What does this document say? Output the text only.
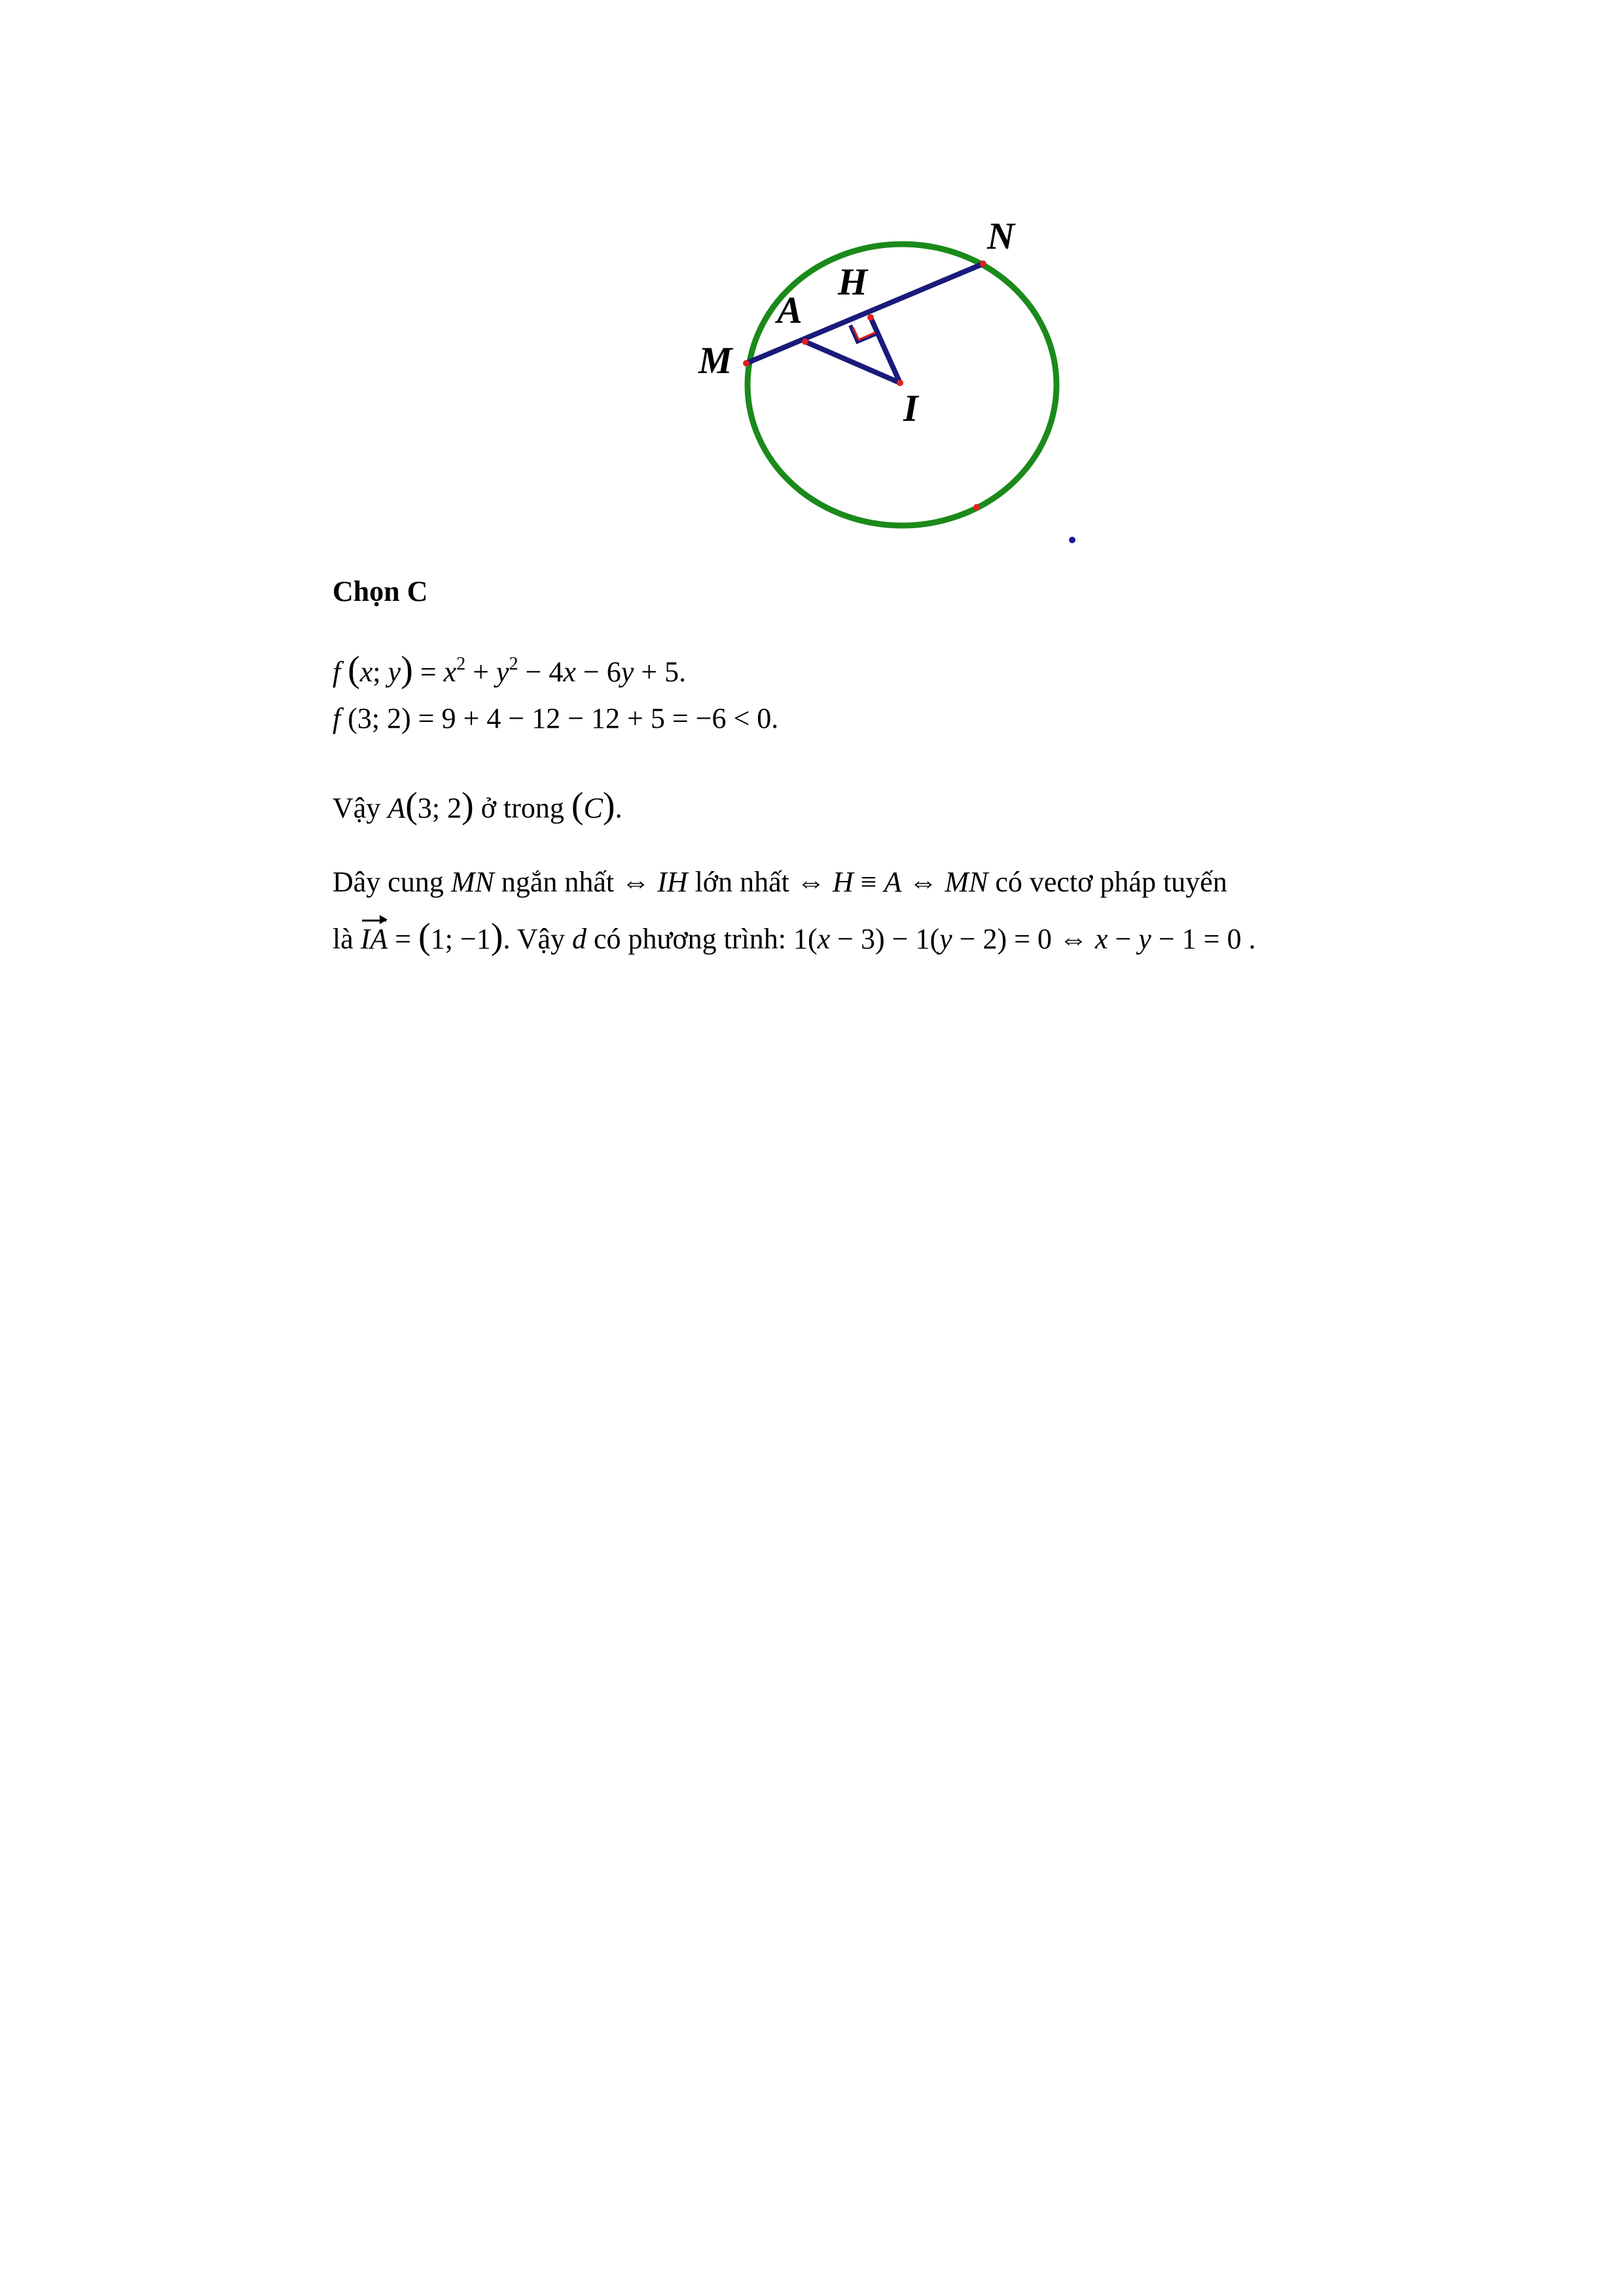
N
H
A
M
I
Chọn C
f (x; $y) = x^2 + y^2 - 4x - 6y + 5$.
f (3; 2) = 9 + 4 − 12 − 12 + 5 = −6 < 0.
Vậy A(3; 2) ở trong (C).
Dây cung MN ngắn nhất ⇔ IH lớn nhất ⇔ H ≡ A ⇔ MN có vectơ pháp tuyến
là IA = (1; −1). Vậy d có phương trình: 1(x − 3) − 1(y − 2) = 0 ⇔ x − y − 1 = 0 .
